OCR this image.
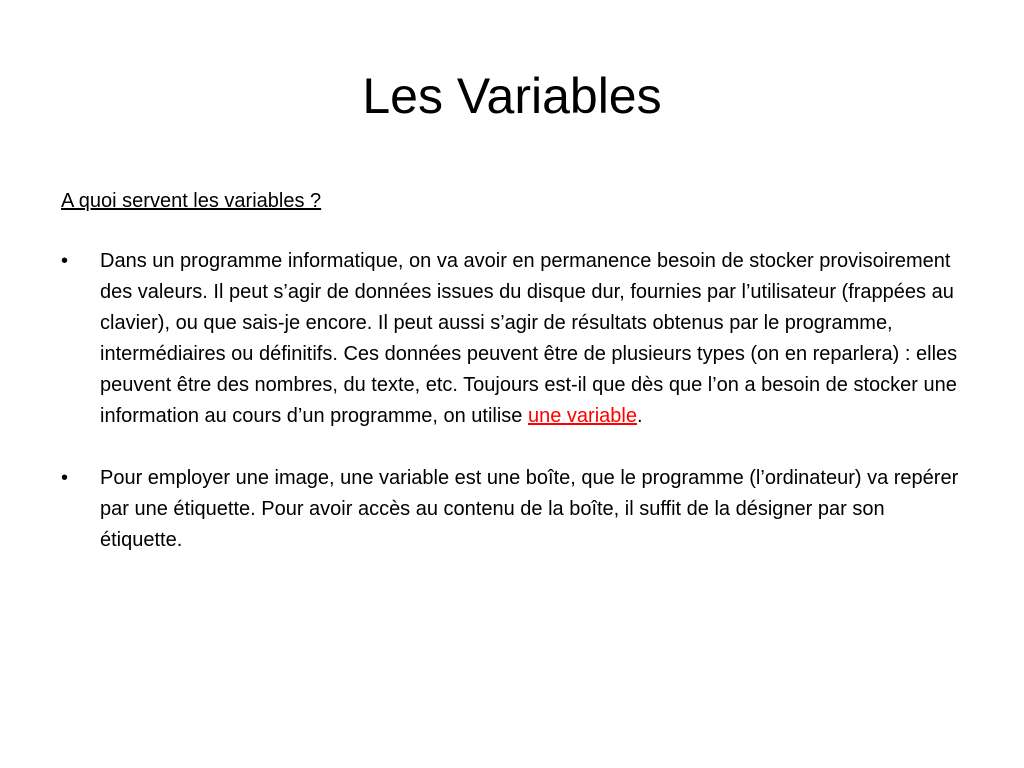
Les Variables

A quoi servent les variables ?

•	Dans un programme informatique, on va avoir en permanence besoin de stocker provisoirement des valeurs. Il peut s’agir de données issues du disque dur, fournies par l’utilisateur (frappées au clavier), ou que sais-je encore. Il peut aussi s’agir de résultats obtenus par le programme, intermédiaires ou définitifs. Ces données peuvent être de plusieurs types (on en reparlera) : elles peuvent être des nombres, du texte, etc. Toujours est-il que dès que l’on a besoin de stocker une information au cours d’un programme, on utilise une variable.
•	Pour employer une image, une variable est une boîte, que le programme (l’ordinateur) va repérer par une étiquette. Pour avoir accès au contenu de la boîte, il suffit de la désigner par son étiquette.
